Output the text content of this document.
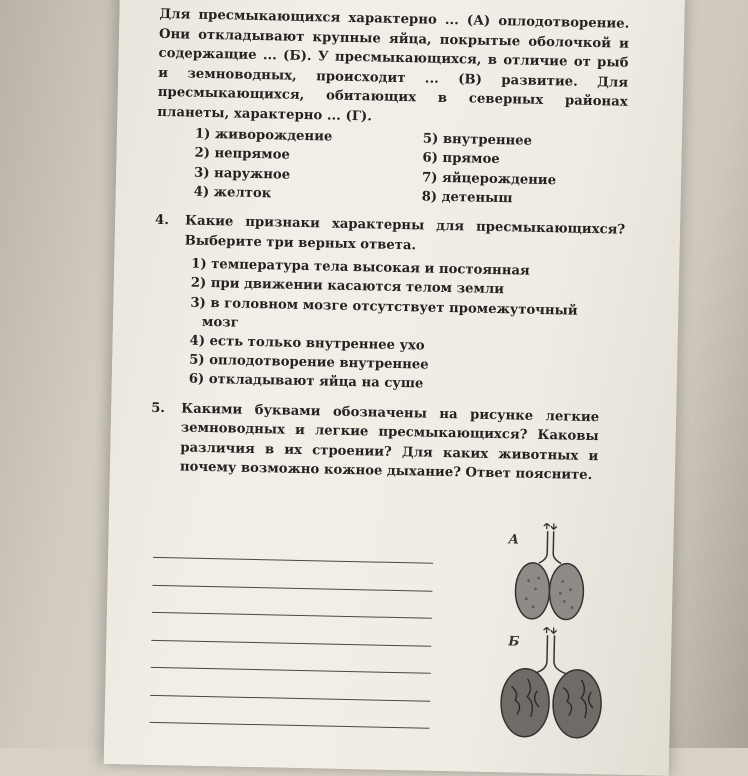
Для пресмыкающихся характерно ... (А) оплодотворение. Они откладывают крупные яйца, покрытые оболочкой и содержащие ... (Б). У пресмыкающихся, в отличие от рыб и земноводных, происходит ... (В) развитие. Для пресмыкающихся, обитающих в северных районах планеты, характерно ... (Г).
1) живорождение	5) внутреннее
2) непрямое	6) прямое
3) наружное	7) яйцерождение
4) желток	8) детеныш
4. Какие признаки характерны для пресмыкающихся? Выберите три верных ответа.
1) температура тела высокая и постоянная
2) при движении касаются телом земли
3) в головном мозге отсутствует промежуточный
мозг
4) есть только внутреннее ухо
5) оплодотворение внутреннее
6) откладывают яйца на суше
5. Какими буквами обозначены на рисунке легкие земноводных и легкие пресмыкающихся? Каковы различия в их строении? Для каких животных и почему возможно кожное дыхание? Ответ поясните.
А
Б
